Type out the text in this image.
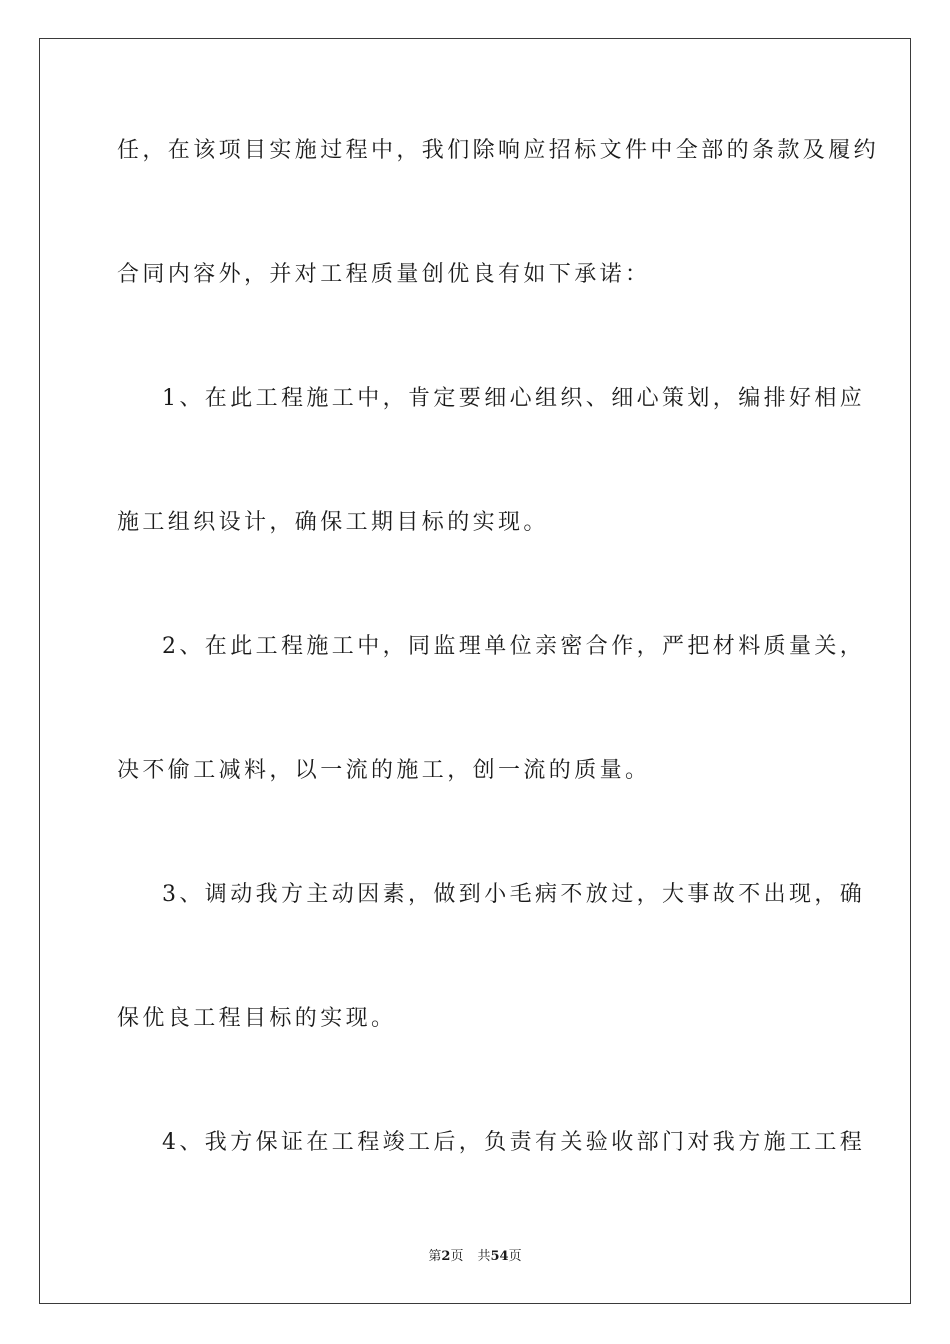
任，在该项目实施过程中，我们除响应招标文件中全部的条款及履约
合同内容外，并对工程质量创优良有如下承诺：
1、在此工程施工中，肯定要细心组织、细心策划，编排好相应
施工组织设计，确保工期目标的实现。
2、在此工程施工中，同监理单位亲密合作，严把材料质量关，
决不偷工减料，以一流的施工，创一流的质量。
3、调动我方主动因素，做到小毛病不放过，大事故不出现，确
保优良工程目标的实现。
4、我方保证在工程竣工后，负责有关验收部门对我方施工工程
第2页 共54页
